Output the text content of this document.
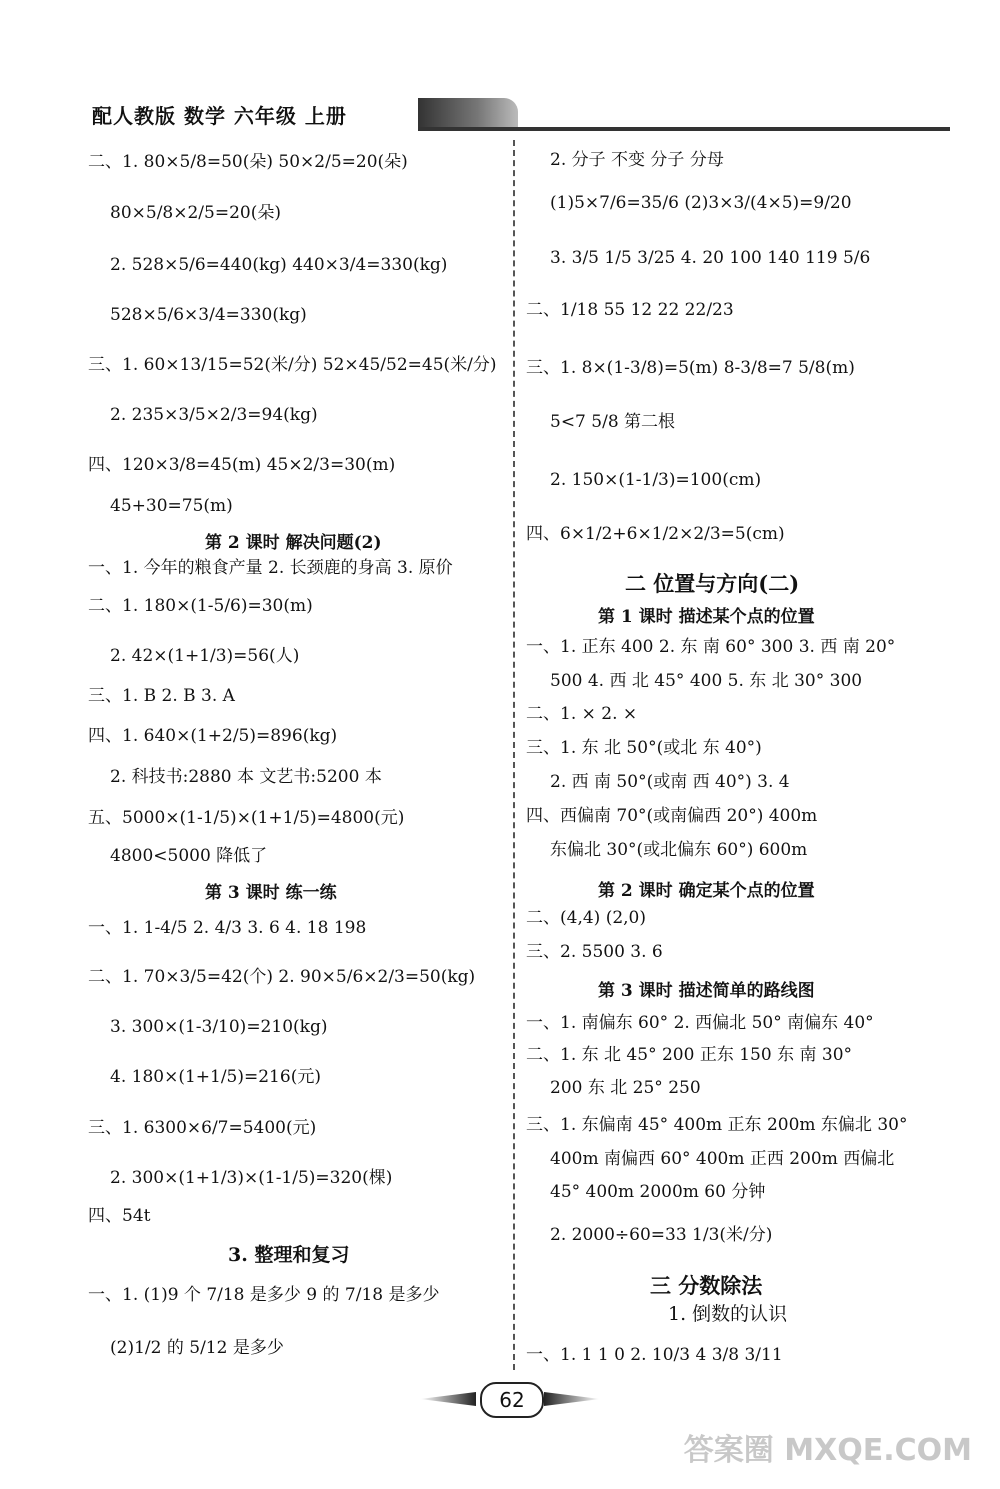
配人教版 数学 六年级 上册
二、1. 80×5/8=50(朵) 50×2/5=20(朵)
80×5/8×2/5=20(朵)
2. 528×5/6=440(kg) 440×3/4=330(kg)
528×5/6×3/4=330(kg)
三、1. 60×13/15=52(米/分) 52×45/52=45(米/分)
2. 235×3/5×2/3=94(kg)
四、120×3/8=45(m) 45×2/3=30(m)
45+30=75(m)
第 2 课时 解决问题(2)
一、1. 今年的粮食产量 2. 长颈鹿的身高 3. 原价
二、1. 180×(1-5/6)=30(m)
2. 42×(1+1/3)=56(人)
三、1. B 2. B 3. A
四、1. 640×(1+2/5)=896(kg)
2. 科技书:2880 本 文艺书:5200 本
五、5000×(1-1/5)×(1+1/5)=4800(元)
4800<5000 降低了
第 3 课时 练一练
一、1. 1-4/5 2. 4/3 3. 6 4. 18 198
二、1. 70×3/5=42(个) 2. 90×5/6×2/3=50(kg)
3. 300×(1-3/10)=210(kg)
4. 180×(1+1/5)=216(元)
三、1. 6300×6/7=5400(元)
2. 300×(1+1/3)×(1-1/5)=320(棵)
四、54t
3. 整理和复习
一、1. (1)9 个 7/18 是多少 9 的 7/18 是多少
(2)1/2 的 5/12 是多少
2. 分子 不变 分子 分母
(1)5×7/6=35/6 (2)3×3/(4×5)=9/20
3. 3/5 1/5 3/25 4. 20 100 140 119 5/6
二、1/18 55 12 22 22/23
三、1. 8×(1-3/8)=5(m) 8-3/8=7 5/8(m)
5<7 5/8 第二根
2. 150×(1-1/3)=100(cm)
四、6×1/2+6×1/2×2/3=5(cm)
二 位置与方向(二)
第 1 课时 描述某个点的位置
一、1. 正东 400 2. 东 南 60° 300 3. 西 南 20°
500 4. 西 北 45° 400 5. 东 北 30° 300
二、1. × 2. ×
三、1. 东 北 50°(或北 东 40°)
2. 西 南 50°(或南 西 40°) 3. 4
四、西偏南 70°(或南偏西 20°) 400m
东偏北 30°(或北偏东 60°) 600m
第 2 课时 确定某个点的位置
二、(4,4) (2,0)
三、2. 5500 3. 6
第 3 课时 描述简单的路线图
一、1. 南偏东 60° 2. 西偏北 50° 南偏东 40°
二、1. 东 北 45° 200 正东 150 东 南 30°
200 东 北 25° 250
三、1. 东偏南 45° 400m 正东 200m 东偏北 30°
400m 南偏西 60° 400m 正西 200m 西偏北
45° 400m 2000m 60 分钟
2. 2000÷60=33 1/3(米/分)
三 分数除法
1. 倒数的认识
一、1. 1 1 0 2. 10/3 4 3/8 3/11
62
答案圈 MXQE.COM
